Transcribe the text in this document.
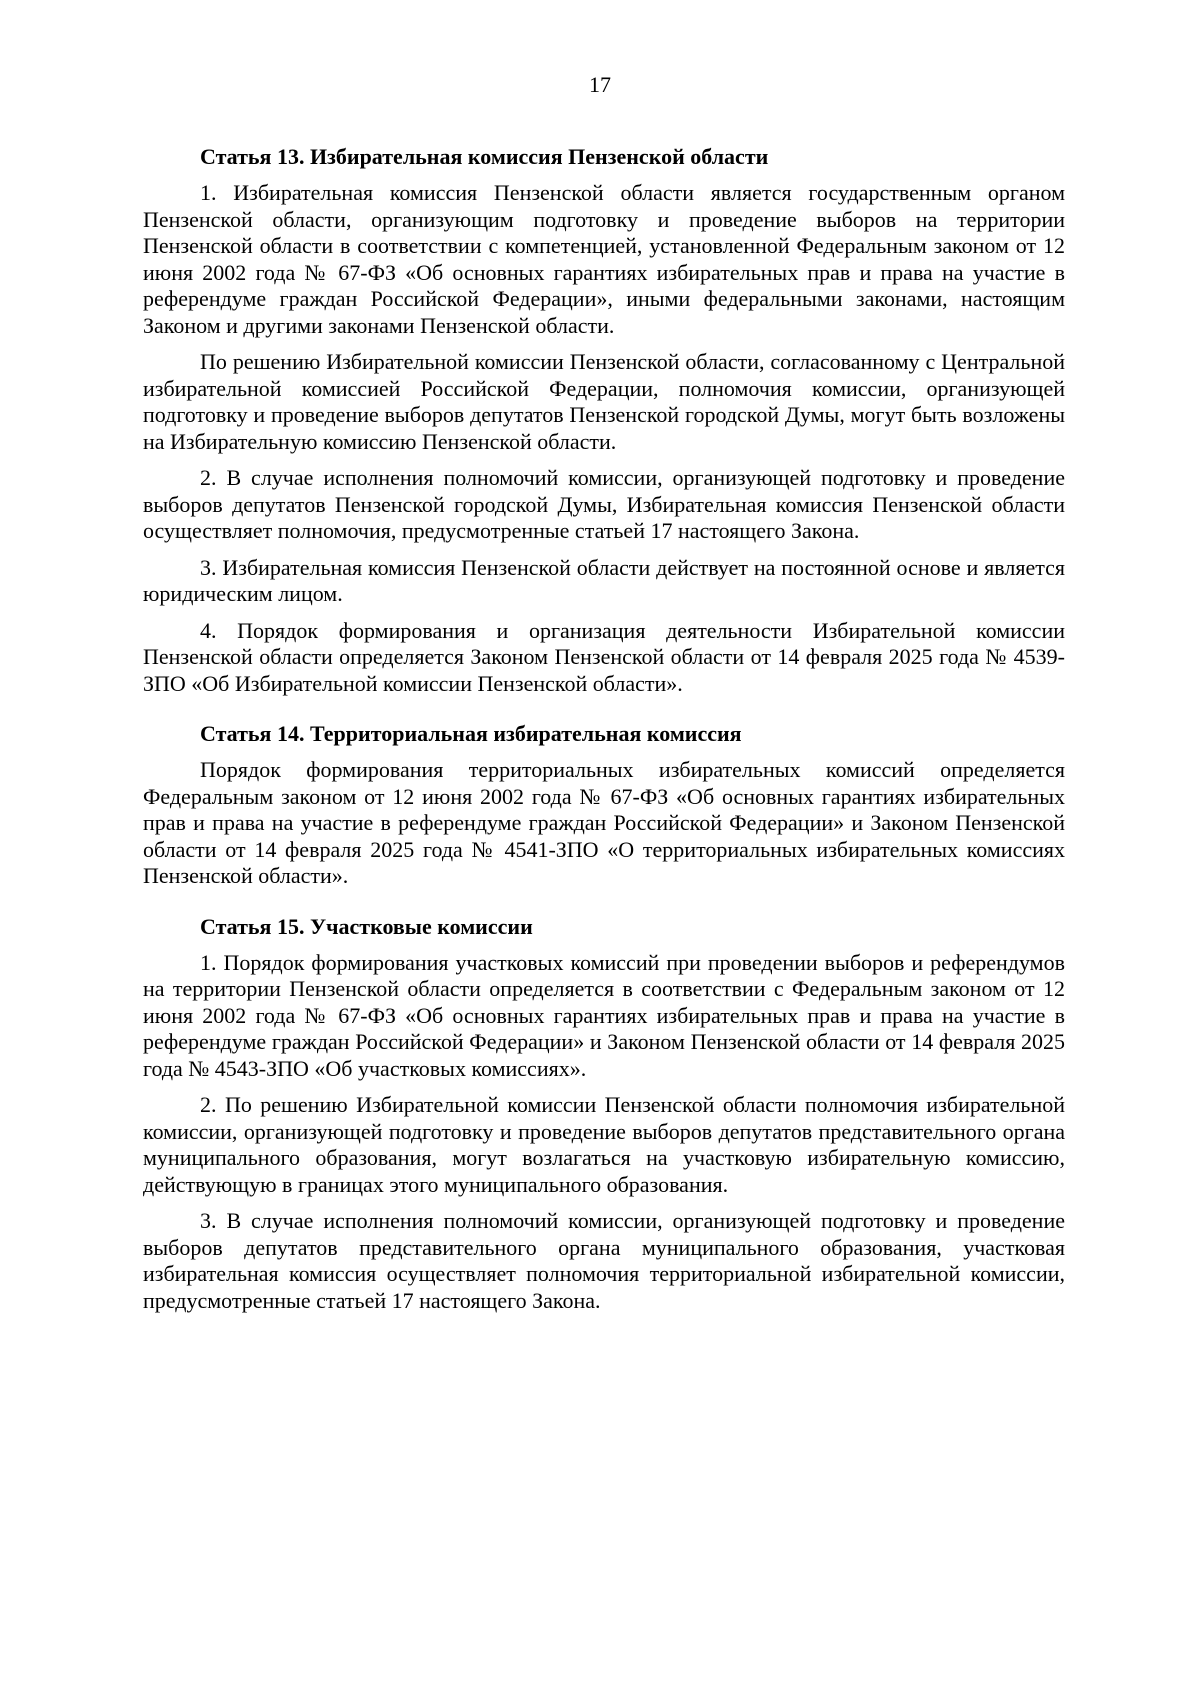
17
Статья 13. Избирательная комиссия Пензенской области

1. Избирательная комиссия Пензенской области является государственным органом Пензенской области, организующим подготовку и проведение выборов на территории Пензенской области в соответствии с компетенцией, установленной Федеральным законом от 12 июня 2002 года № 67-ФЗ «Об основных гарантиях избирательных прав и права на участие в референдуме граждан Российской Федерации», иными федеральными законами, настоящим Законом и другими законами Пензенской области.

По решению Избирательной комиссии Пензенской области, согласованному с Центральной избирательной комиссией Российской Федерации, полномочия комиссии, организующей подготовку и проведение выборов депутатов Пензенской городской Думы, могут быть возложены на Избирательную комиссию Пензенской области.

2. В случае исполнения полномочий комиссии, организующей подготовку и проведение выборов депутатов Пензенской городской Думы, Избирательная комиссия Пензенской области осуществляет полномочия, предусмотренные статьей 17 настоящего Закона.

3. Избирательная комиссия Пензенской области действует на постоянной основе и является юридическим лицом.

4. Порядок формирования и организация деятельности Избирательной комиссии Пензенской области определяется Законом Пензенской области от 14 февраля 2025 года № 4539-ЗПО «Об Избирательной комиссии Пензенской области».

Статья 14. Территориальная избирательная комиссия

Порядок формирования территориальных избирательных комиссий определяется Федеральным законом от 12 июня 2002 года № 67-ФЗ «Об основных гарантиях избирательных прав и права на участие в референдуме граждан Российской Федерации» и Законом Пензенской области от 14 февраля 2025 года № 4541-ЗПО «О территориальных избирательных комиссиях Пензенской области».

Статья 15. Участковые комиссии

1. Порядок формирования участковых комиссий при проведении выборов и референдумов на территории Пензенской области определяется в соответствии с Федеральным законом от 12 июня 2002 года № 67-ФЗ «Об основных гарантиях избирательных прав и права на участие в референдуме граждан Российской Федерации» и Законом Пензенской области от 14 февраля 2025 года № 4543-ЗПО «Об участковых комиссиях».

2. По решению Избирательной комиссии Пензенской области полномочия избирательной комиссии, организующей подготовку и проведение выборов депутатов представительного органа муниципального образования, могут возлагаться на участковую избирательную комиссию, действующую в границах этого муниципального образования.

3. В случае исполнения полномочий комиссии, организующей подготовку и проведение выборов депутатов представительного органа муниципального образования, участковая избирательная комиссия осуществляет полномочия территориальной избирательной комиссии, предусмотренные статьей 17 настоящего Закона.
